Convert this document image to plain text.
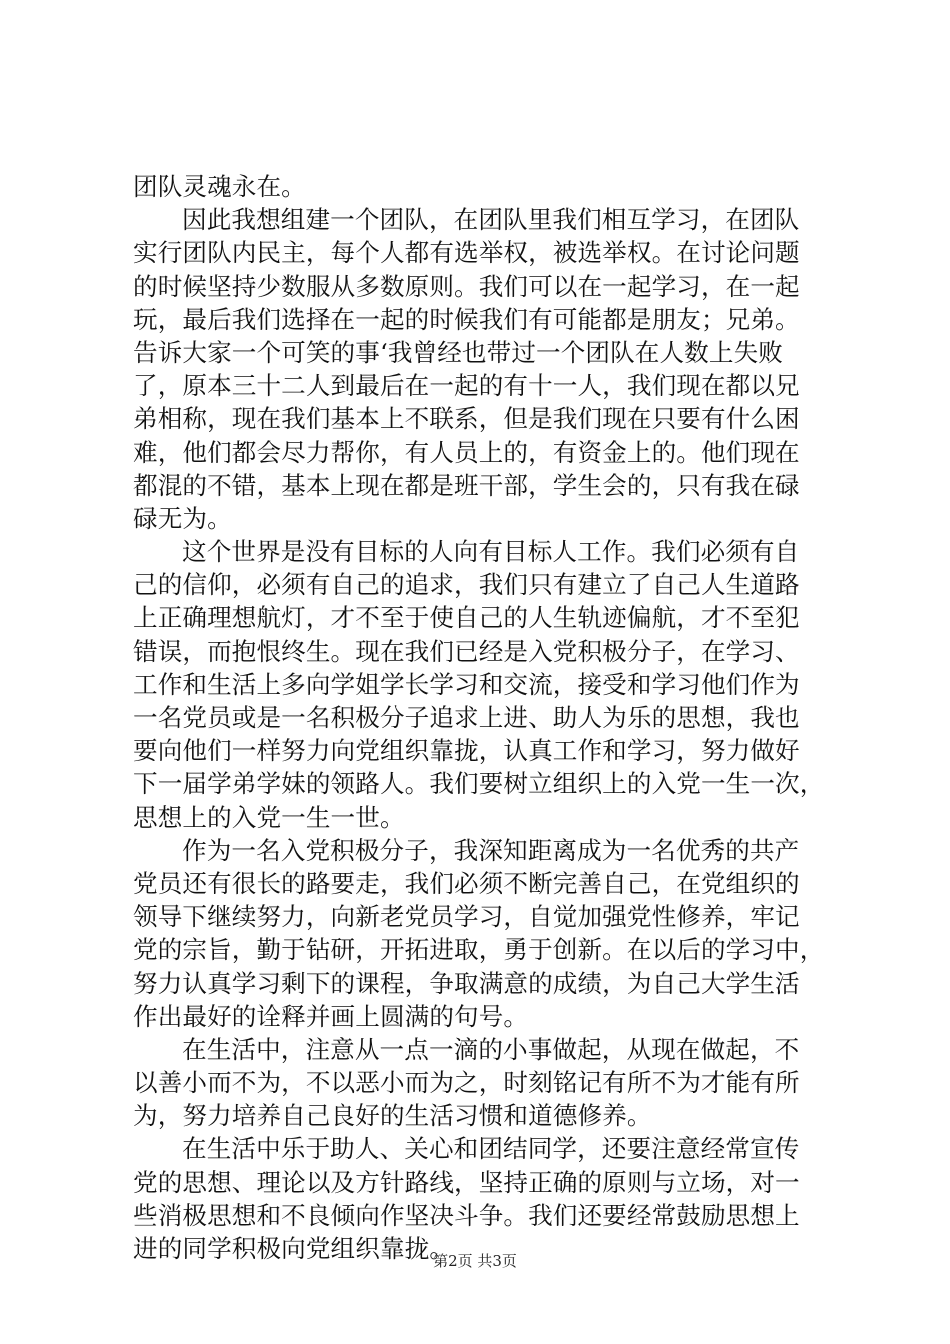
团队灵魂永在。
因此我想组建一个团队，在团队里我们相互学习，在团队
实行团队内民主，每个人都有选举权，被选举权。在讨论问题
的时候坚持少数服从多数原则。我们可以在一起学习，在一起
玩，最后我们选择在一起的时候我们有可能都是朋友；兄弟。
告诉大家一个可笑的事‘我曾经也带过一个团队在人数上失败
了，原本三十二人到最后在一起的有十一人，我们现在都以兄
弟相称，现在我们基本上不联系，但是我们现在只要有什么困
难，他们都会尽力帮你，有人员上的，有资金上的。他们现在
都混的不错，基本上现在都是班干部，学生会的，只有我在碌
碌无为。
这个世界是没有目标的人向有目标人工作。我们必须有自
己的信仰，必须有自己的追求，我们只有建立了自己人生道路
上正确理想航灯，才不至于使自己的人生轨迹偏航，才不至犯
错误，而抱恨终生。现在我们已经是入党积极分子，在学习、
工作和生活上多向学姐学长学习和交流，接受和学习他们作为
一名党员或是一名积极分子追求上进、助人为乐的思想，我也
要向他们一样努力向党组织靠拢，认真工作和学习，努力做好
下一届学弟学妹的领路人。我们要树立组织上的入党一生一次，
思想上的入党一生一世。
作为一名入党积极分子，我深知距离成为一名优秀的共产
党员还有很长的路要走，我们必须不断完善自己，在党组织的
领导下继续努力，向新老党员学习，自觉加强党性修养，牢记
党的宗旨，勤于钻研，开拓进取，勇于创新。在以后的学习中，
努力认真学习剩下的课程，争取满意的成绩，为自己大学生活
作出最好的诠释并画上圆满的句号。
在生活中，注意从一点一滴的小事做起，从现在做起，不
以善小而不为，不以恶小而为之，时刻铭记有所不为才能有所
为，努力培养自己良好的生活习惯和道德修养。
在生活中乐于助人、关心和团结同学，还要注意经常宣传
党的思想、理论以及方针路线，坚持正确的原则与立场，对一
些消极思想和不良倾向作坚决斗争。我们还要经常鼓励思想上
进的同学积极向党组织靠拢。
第2页 共3页
